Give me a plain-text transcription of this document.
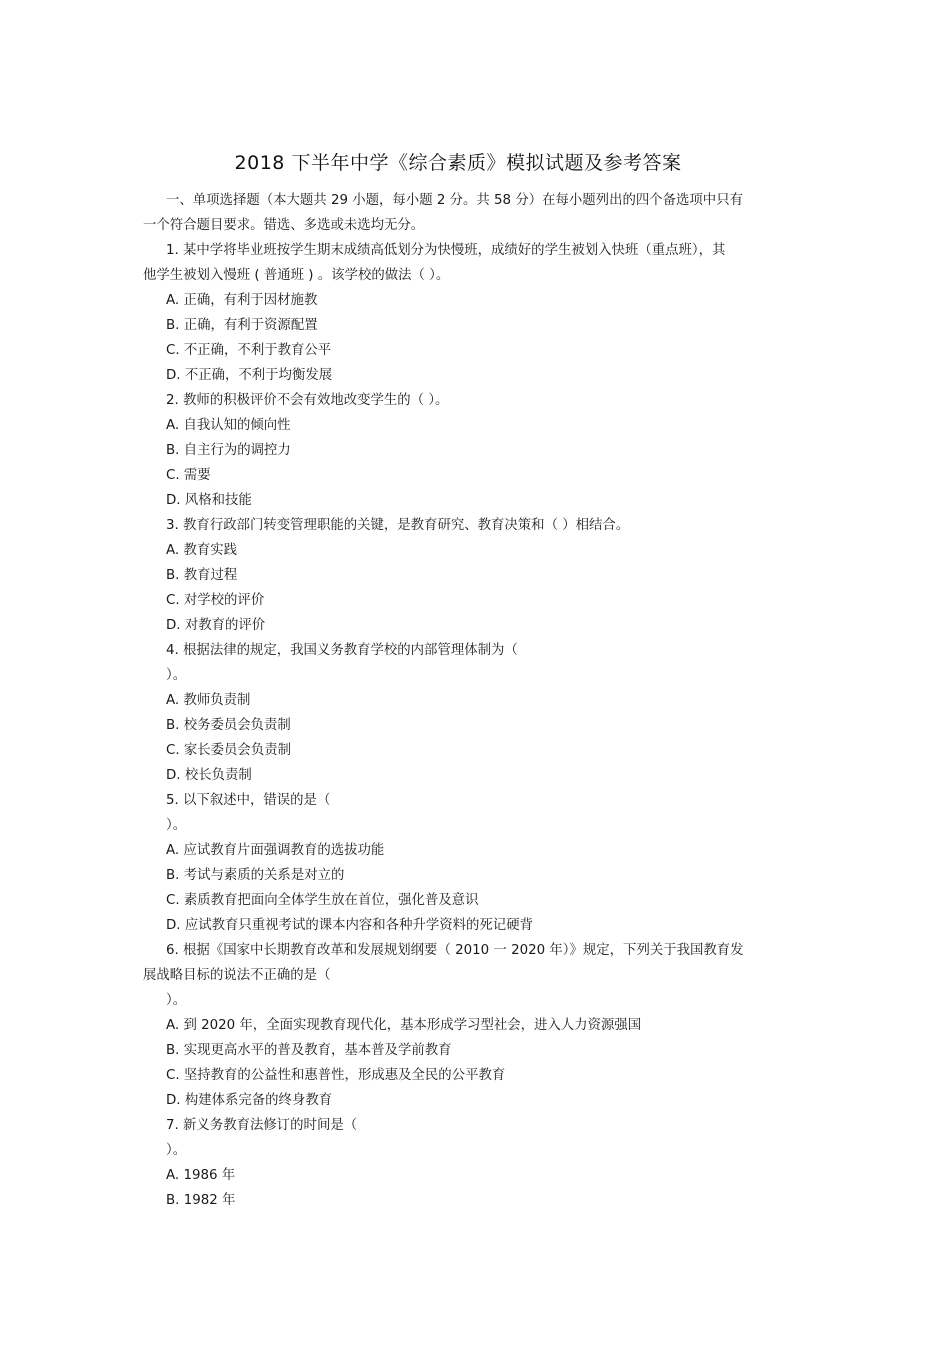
2018 下半年中学《综合素质》模拟试题及参考答案
一、单项选择题（本大题共 29 小题，每小题 2 分。共 58 分）在每小题列出的四个备选项中只有
一个符合题目要求。错选、多选或未选均无分。
1. 某中学将毕业班按学生期末成绩高低划分为快慢班，成绩好的学生被划入快班（重点班），其
他学生被划入慢班 ( 普通班 ) 。该学校的做法（ ）。
A. 正确，有利于因材施教
B. 正确，有利于资源配置
C. 不正确，不利于教育公平
D. 不正确，不利于均衡发展
2. 教师的积极评价不会有效地改变学生的（ ）。
A. 自我认知的倾向性
B. 自主行为的调控力
C. 需要
D. 风格和技能
3. 教育行政部门转变管理职能的关键，是教育研究、教育决策和（ ）相结合。
A. 教育实践
B. 教育过程
C. 对学校的评价
D. 对教育的评价
4. 根据法律的规定，我国义务教育学校的内部管理体制为（
）。
A. 教师负责制
B. 校务委员会负责制
C. 家长委员会负责制
D. 校长负责制
5. 以下叙述中，错误的是（
）。
A. 应试教育片面强调教育的选拔功能
B. 考试与素质的关系是对立的
C. 素质教育把面向全体学生放在首位，强化普及意识
D. 应试教育只重视考试的课本内容和各种升学资料的死记硬背
6. 根据《国家中长期教育改革和发展规划纲要（ 2010 一 2020 年）》规定，下列关于我国教育发
展战略目标的说法不正确的是（
）。
A. 到 2020 年，全面实现教育现代化，基本形成学习型社会，进入人力资源强国
B. 实现更高水平的普及教育，基本普及学前教育
C. 坚持教育的公益性和惠普性，形成惠及全民的公平教育
D. 构建体系完备的终身教育
7. 新义务教育法修订的时间是（
）。
A. 1986 年
B. 1982 年
